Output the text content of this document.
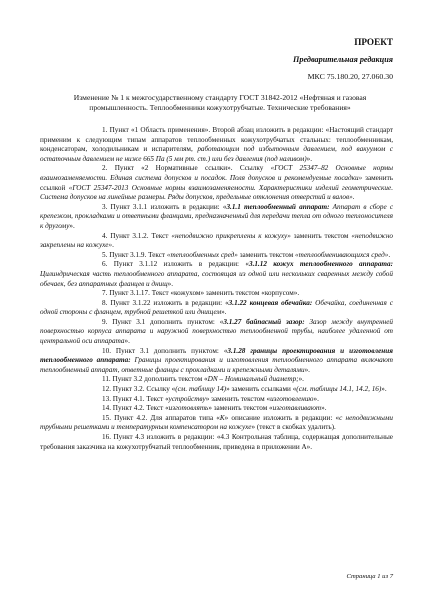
ПРОЕКТ
Предварительная редакция
МКС 75.180.20, 27.060.30
Изменение № 1 к межгосударственному стандарту ГОСТ 31842-2012 «Нефтяная и газовая промышленность. Теплообменники кожухотрубчатые. Технические требования»

1. Пункт «1 Область применения». Второй абзац изложить в редакции: «Настоящий стандарт применим к следующим типам аппаратов теплообменных кожухотрубчатых стальных: теплообменникам, конденсаторам, холодильникам и испарителям, работающим под избыточным давлением, под вакуумом с остаточным давлением не ниже 665 Па (5 мм рт. ст.) или без давления (под наливом)».

2. Пункт «2 Нормативные ссылки». Ссылку «ГОСТ 25347–82 Основные нормы взаимозаменяемости. Единая система допусков и посадок. Поля допусков и рекомендуемые посадки» заменить ссылкой «ГОСТ 25347-2013 Основные нормы взаимозаменяемости. Характеристики изделий геометрические. Система допусков на линейные размеры. Ряды допусков, предельные отклонения отверстий и валов».

3. Пункт 3.1.1 изложить в редакции: «3.1.1 теплообменный аппарат: Аппарат в сборе с крепежом, прокладками и ответными фланцами, предназначенный для передачи тепла от одного теплоносителя к другому».

4. Пункт 3.1.2. Текст «неподвижно прикреплены к кожуху» заменить текстом «неподвижно закреплены на кожухе».

5. Пункт 3.1.9. Текст «теплообменных сред» заменить текстом «теплообменивающихся сред».

6. Пункт 3.1.12 изложить в редакции: «3.1.12 кожух теплообменного аппарата: Цилиндрическая часть теплообменного аппарата, состоящая из одной или нескольких сваренных между собой обечаек, без аппаратных фланцев и днищ».

7. Пункт 3.1.17. Текст «кожухом» заменить текстом «корпусом».

8. Пункт 3.1.22 изложить в редакции: «3.1.22 концевая обечайка: Обечайка, соединенная с одной стороны с фланцем, трубной решеткой или днищем».

9. Пункт 3.1 дополнить пунктом: «3.1.27 байпасный зазор: Зазор между внутренней поверхностью корпуса аппарата и наружной поверхностью теплообменной трубы, наиболее удаленной от центральной оси аппарата».

10. Пункт 3.1 дополнить пунктом: «3.1.28 границы проектирования и изготовления теплообменного аппарата: Границы проектирования и изготовления теплообменного аппарата включают теплообменный аппарат, ответные фланцы с прокладками и крепежными деталями».

11. Пункт 3.2 дополнить текстом «DN – Номинальный диаметр;».

12. Пункт 3.2. Ссылку «(см. таблицу 14)» заменить ссылками «(см. таблицы 14.1, 14.2, 16)».

13. Пункт 4.1. Текст «устройству» заменить текстом «изготовлению».

14. Пункт 4.2. Текст «изготовлять» заменить текстом «изготавливают».

15. Пункт 4.2. Для аппаратов типа «К» описание изложить в редакции: «с неподвижными трубными решетками и температурным компенсатором на кожухе» (текст в скобках удалить).

16. Пункт 4.3 изложить в редакции: «4.3 Контрольная таблица, содержащая дополнительные требования заказчика на кожухотрубчатый теплообменник, приведена в приложении А».

Страница 1 из 7
